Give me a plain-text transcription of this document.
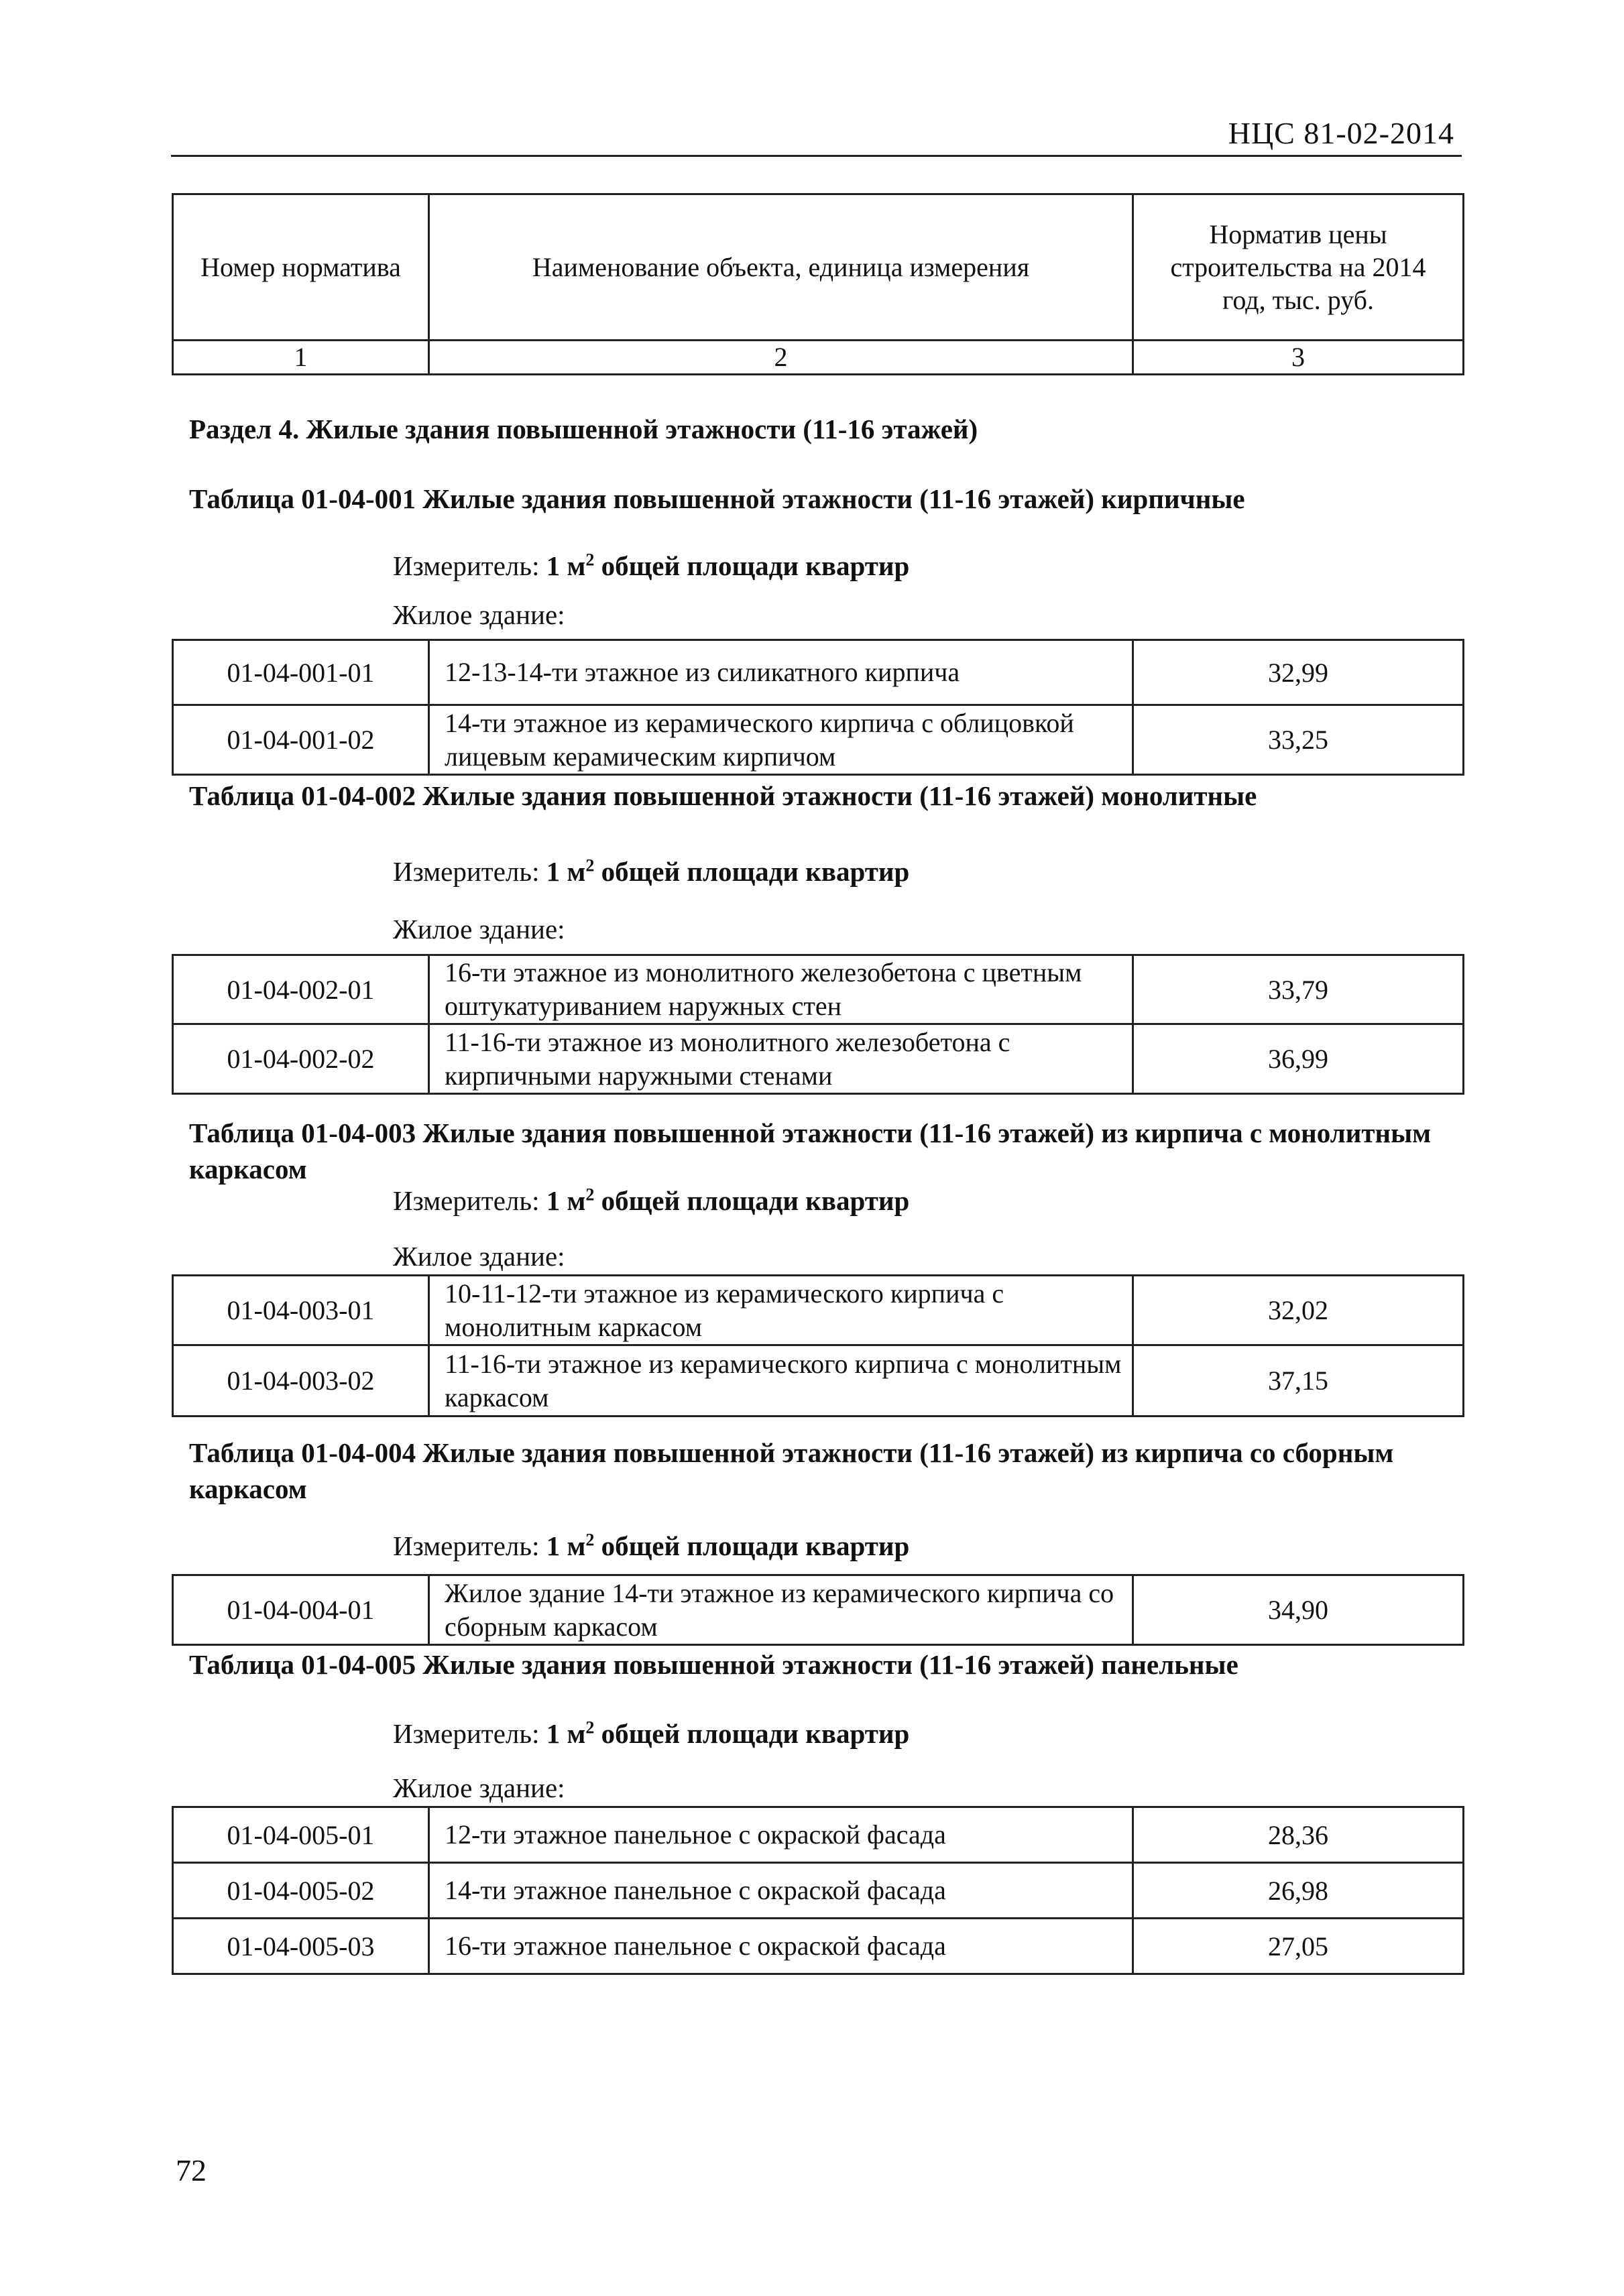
НЦС 81-02-2014
Номер норматива	Наименование объекта, единица измерения	Норматив цены строительства на 2014 год, тыс. руб.
1	2	3
Раздел 4. Жилые здания повышенной этажности (11-16 этажей)
Таблица 01-04-001 Жилые здания повышенной этажности (11-16 этажей) кирпичные
Измеритель: 1 $м^2$ общей площади квартир
Жилое здание:
01-04-001-01	12-13-14-ти этажное из силикатного кирпича	32,99
01-04-001-02	14-ти этажное из керамического кирпича с облицовкой лицевым керамическим кирпичом	33,25
Таблица 01-04-002 Жилые здания повышенной этажности (11-16 этажей) монолитные
Измеритель: 1 $м^2$ общей площади квартир
Жилое здание:
01-04-002-01	16-ти этажное из монолитного железобетона с цветным оштукатуриванием наружных стен	33,79
01-04-002-02	11-16-ти этажное из монолитного железобетона с кирпичными наружными стенами	36,99
Таблица 01-04-003 Жилые здания повышенной этажности (11-16 этажей) из кирпича с монолитным каркасом
Измеритель: 1 $м^2$ общей площади квартир
Жилое здание:
01-04-003-01	10-11-12-ти этажное из керамического кирпича с монолитным каркасом	32,02
01-04-003-02	11-16-ти этажное из керамического кирпича с монолитным каркасом	37,15
Таблица 01-04-004 Жилые здания повышенной этажности (11-16 этажей) из кирпича со сборным каркасом
Измеритель: 1 $м^2$ общей площади квартир
01-04-004-01	Жилое здание 14-ти этажное из керамического кирпича со сборным каркасом	34,90
Таблица 01-04-005 Жилые здания повышенной этажности (11-16 этажей) панельные
Измеритель: 1 $м^2$ общей площади квартир
Жилое здание:
01-04-005-01	12-ти этажное панельное с окраской фасада	28,36
01-04-005-02	14-ти этажное панельное с окраской фасада	26,98
01-04-005-03	16-ти этажное панельное с окраской фасада	27,05
72
